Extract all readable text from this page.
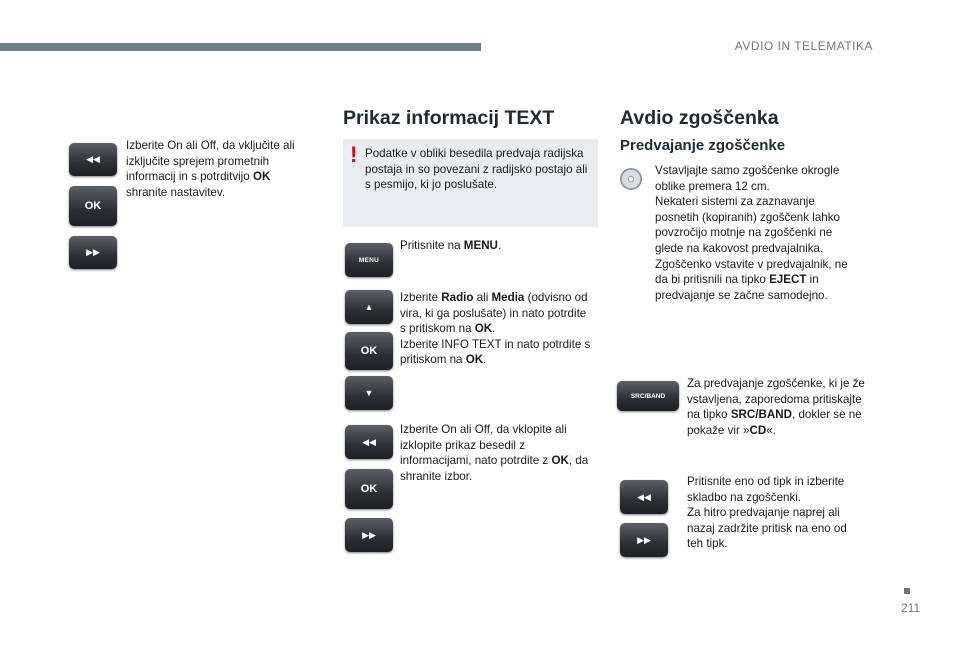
AVDIO IN TELEMATIKA
◀◀
OK
▶▶
Izberite On ali Off, da vključite ali izključite sprejem prometnih informacij in s potrditvijo OK shranite nastavitev.
Prikaz informacij TEXT
! Podatke v obliki besedila predvaja radijska postaja in so povezani z radijsko postajo ali s pesmijo, ki jo poslušate.
MENU
Pritisnite na MENU.
▲
OK
▼
Izberite Radio ali Media (odvisno od vira, ki ga poslušate) in nato potrdite s pritiskom na OK.
Izberite INFO TEXT in nato potrdite s pritiskom na OK.
◀◀
OK
▶▶
Izberite On ali Off, da vklopite ali izklopite prikaz besedil z informacijami, nato potrdite z OK, da shranite izbor.
Avdio zgoščenka
Predvajanje zgoščenke
Vstavljajte samo zgoščenke okrogle oblike premera 12 cm.
Nekateri sistemi za zaznavanje posnetih (kopiranih) zgoščenk lahko povzročijo motnje na zgoščenki ne glede na kakovost predvajalnika.
Zgoščenko vstavite v predvajalnik, ne da bi pritisnili na tipko EJECT in predvajanje se začne samodejno.
SRC/BAND
Za predvajanje zgoščenke, ki je že vstavljena, zaporedoma pritiskajte na tipko SRC/BAND, dokler se ne pokaže vir »CD«.
◀◀
▶▶
Pritisnite eno od tipk in izberite skladbo na zgoščenki.
Za hitro predvajanje naprej ali nazaj zadržite pritisk na eno od teh tipk.
211
